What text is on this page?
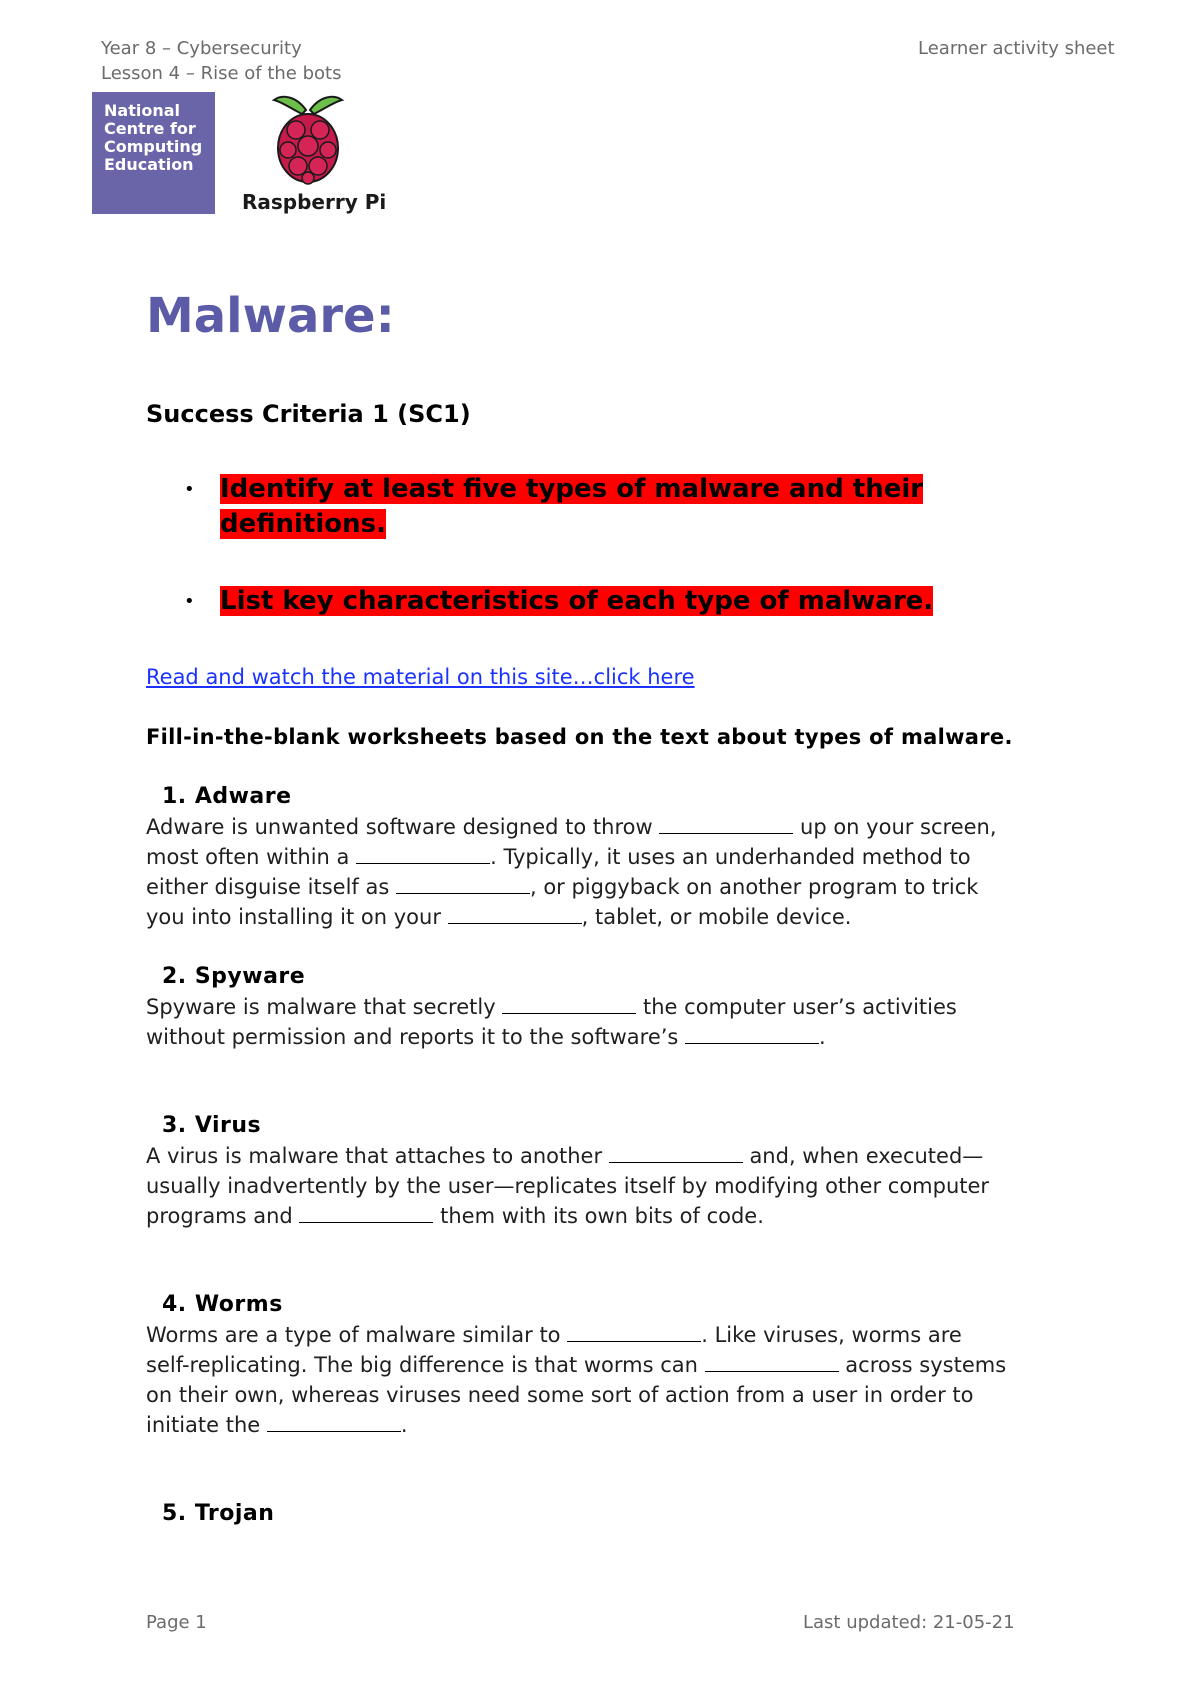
Year 8 – Cybersecurity
Lesson 4 – Rise of the bots
Learner activity sheet
National
Centre for
Computing
Education
Raspberry Pi
Malware:
Success Criteria 1 (SC1)
• Identify at least five types of malware and their
definitions.
• List key characteristics of each type of malware.
Read and watch the material on this site…click here
Fill-in-the-blank worksheets based on the text about types of malware.
1. Adware

Adware is unwanted software designed to throw	up on your screen,

most often within a	. Typically, it uses an underhanded method to

either disguise itself as	, or piggyback on another program to trick

you into installing it on your	, tablet, or mobile device.

2. Spyware

Spyware is malware that secretly	the computer user’s activities

without permission and reports it to the software’s	.

3. Virus

A virus is malware that attaches to another	and, when executed—

usually inadvertently by the user—replicates itself by modifying other computer

programs and	them with its own bits of code.

4. Worms

Worms are a type of malware similar to	. Like viruses, worms are

self-replicating. The big difference is that worms can	across systems

on their own, whereas viruses need some sort of action from a user in order to

initiate the	.

5. Trojan
Page 1	Last updated: 21-05-21
